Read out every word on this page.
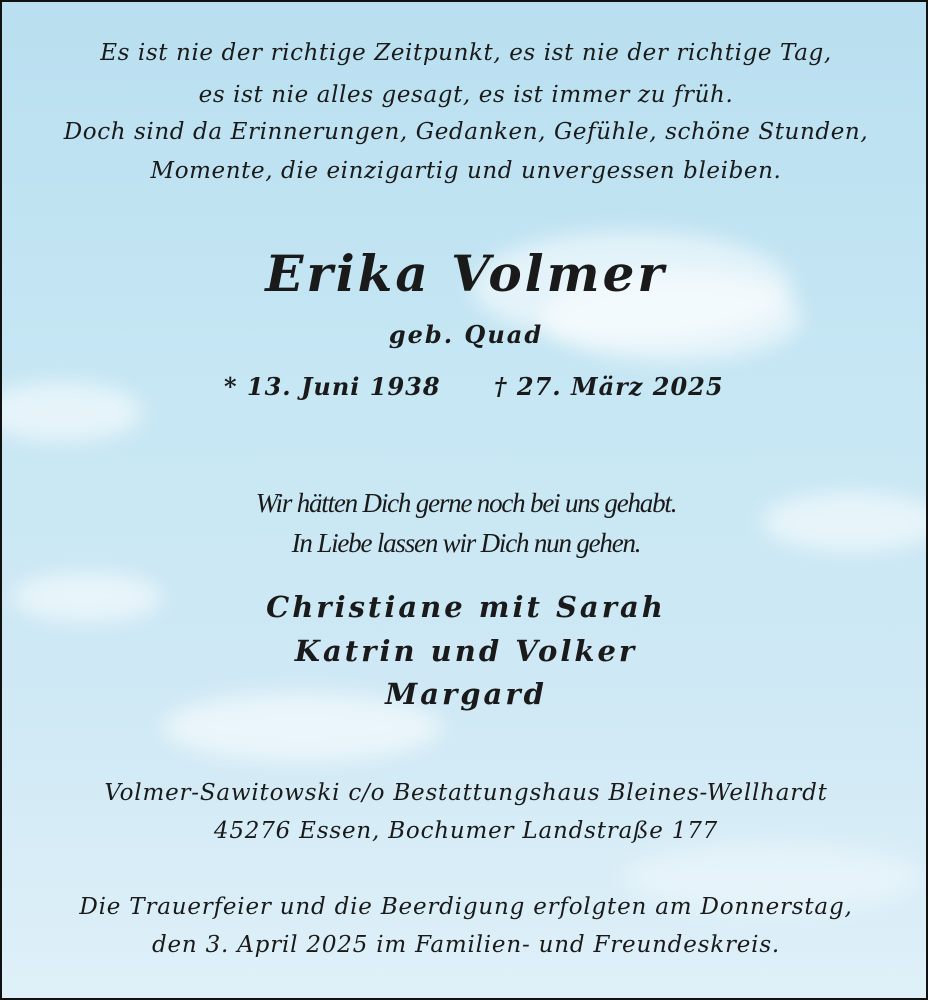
Es ist nie der richtige Zeitpunkt, es ist nie der richtige Tag,
es ist nie alles gesagt, es ist immer zu früh.
Doch sind da Erinnerungen, Gedanken, Gefühle, schöne Stunden,
Momente, die einzigartig und unvergessen bleiben.
Erika Volmer
geb. Quad
* 13. Juni 1938 † 27. März 2025
Wir hätten Dich gerne noch bei uns gehabt.
In Liebe lassen wir Dich nun gehen.
Christiane mit Sarah
Katrin und Volker
Margard
Volmer-Sawitowski c/o Bestattungshaus Bleines-Wellhardt
45276 Essen, Bochumer Landstraße 177
Die Trauerfeier und die Beerdigung erfolgten am Donnerstag,
den 3. April 2025 im Familien- und Freundeskreis.
